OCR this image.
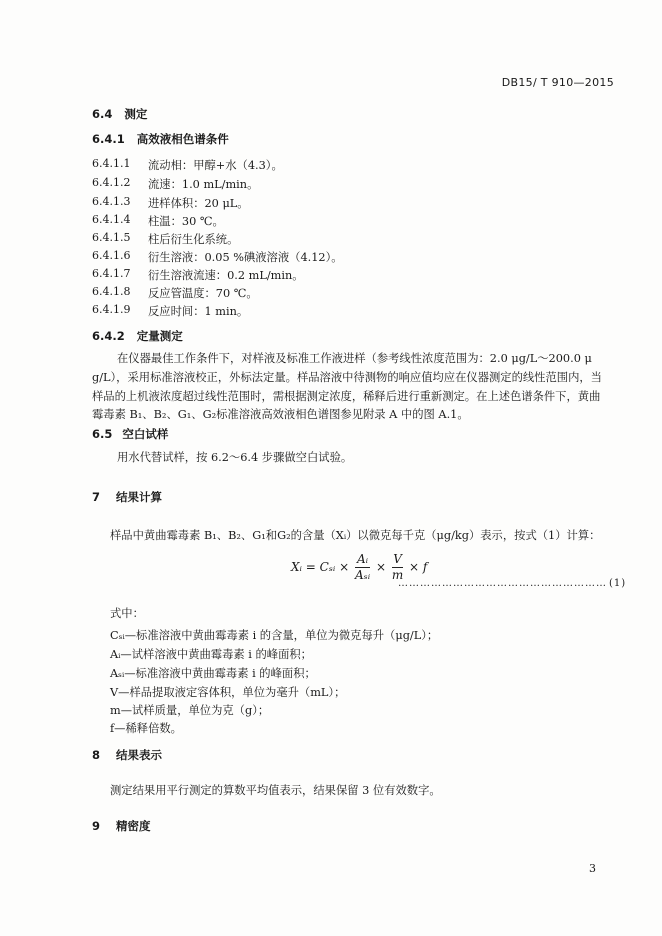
DB15/ T 910—2015
6.4 测定
6.4.1 高效液相色谱条件
6.4.1.1 流动相：甲醇+水（4.3）。
6.4.1.2 流速：1.0 mL/min。
6.4.1.3 进样体积：20 μL。
6.4.1.4 柱温：30 ℃。
6.4.1.5 柱后衍生化系统。
6.4.1.6 衍生溶液：0.05 %碘液溶液（4.12）。
6.4.1.7 衍生溶液流速：0.2 mL/min。
6.4.1.8 反应管温度：70 ℃。
6.4.1.9 反应时间：1 min。
6.4.2 定量测定
在仪器最佳工作条件下，对样液及标准工作液进样（参考线性浓度范围为：2.0 μg/L～200.0 μ
g/L），采用标准溶液校正，外标法定量。样品溶液中待测物的响应值均应在仪器测定的线性范围内，当
样品的上机液浓度超过线性范围时，需根据测定浓度，稀释后进行重新测定。在上述色谱条件下，黄曲
霉毒素 B₁、B₂、G₁、G₂标准溶液高效液相色谱图参见附录 A 中的图 A.1。
6.5 空白试样
用水代替试样，按 6.2～6.4 步骤做空白试验。
7 结果计算
样品中黄曲霉毒素 B₁、B₂、G₁和G₂的含量（Xᵢ）以微克每千克（μg/kg）表示，按式（1）计算：
Xᵢ = Cₛᵢ × $\frac{\text{Aᵢ}}{\text{Aₛᵢ}} \times \frac{V}{m} \times f$
………………………………………………… (1)
式中：
Cₛᵢ—标准溶液中黄曲霉毒素 i 的含量，单位为微克每升（μg/L）；
Aᵢ—试样溶液中黄曲霉毒素 i 的峰面积；
Aₛᵢ—标准溶液中黄曲霉毒素 i 的峰面积；
V—样品提取液定容体积，单位为毫升（mL）；
m—试样质量，单位为克（g）；
f—稀释倍数。
8 结果表示
测定结果用平行测定的算数平均值表示，结果保留 3 位有效数字。
9 精密度
3
